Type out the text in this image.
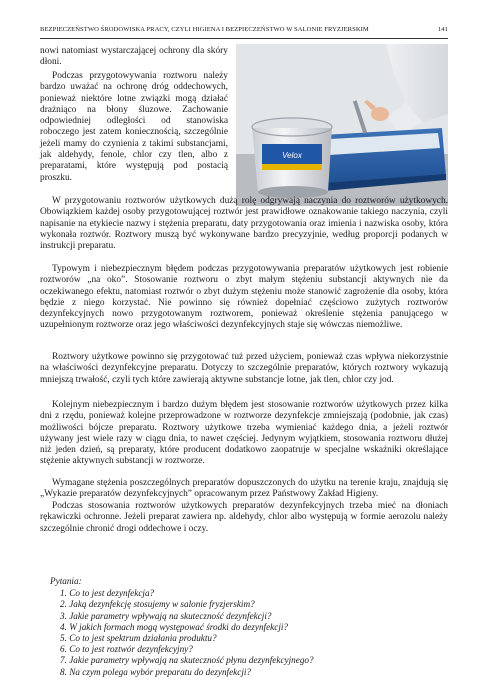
BEZPIECZEŃSTWO ŚRODOWISKA PRACY, CZYLI HIGIENA I BEZPIECZEŃSTWO W SALONIE FRYZJERSKIM	141
Velox

nowi natomiast wystarczającej ochrony dla skóry dłoni.

Podczas przygotowywania roztworu należy bardzo uważać na ochronę dróg oddechowych, ponieważ niektóre lotne związki mogą działać drażniąco na błony śluzowe. Zachowanie odpowiedniej odległości od stanowiska roboczego jest zatem koniecznością, szczególnie jeżeli mamy do czynienia z takimi substancjami, jak aldehydy, fenole, chlor czy tlen, albo z preparatami, które występują pod postacią proszku.

W przygotowaniu roztworów użytkowych dużą rolę odgrywają naczynia do roztworów użytkowych. Obowiązkiem każdej osoby przygotowującej roztwór jest prawidłowe oznakowanie takiego naczynia, czyli napisanie na etykiecie nazwy i stężenia preparatu, daty przygotowania oraz imienia i nazwiska osoby, która wykonała roztwór. Roztwory muszą być wykonywane bardzo precyzyjnie, według proporcji podanych w instrukcji preparatu.

Typowym i niebezpiecznym błędem podczas przygotowywania preparatów użytkowych jest robienie roztworów „na oko”. Stosowanie roztworu o zbyt małym stężeniu substancji aktywnych nie da oczekiwanego efektu, natomiast roztwór o zbyt dużym stężeniu może stanowić zagrożenie dla osoby, która będzie z niego korzystać. Nie powinno się również dopełniać częściowo zużytych roztworów dezynfekcyjnych nowo przygotowanym roztworem, ponieważ określenie stężenia panującego w uzupełnionym roztworze oraz jego właściwości dezynfekcyjnych staje się wówczas niemożliwe.

Roztwory użytkowe powinno się przygotować tuż przed użyciem, ponieważ czas wpływa niekorzystnie na właściwości dezynfekcyjne preparatu. Dotyczy to szczególnie preparatów, których roztwory wykazują mniejszą trwałość, czyli tych które zawierają aktywne substancje lotne, jak tlen, chlor czy jod.

Kolejnym niebezpiecznym i bardzo dużym błędem jest stosowanie roztworów użytkowych przez kilka dni z rzędu, ponieważ kolejne przeprowadzone w roztworze dezynfekcje zmniejszają (podobnie, jak czas) możliwości bójcze preparatu. Roztwory użytkowe trzeba wymieniać każdego dnia, a jeżeli roztwór używany jest wiele razy w ciągu dnia, to nawet częściej. Jedynym wyjątkiem, stosowania roztworu dłużej niż jeden dzień, są preparaty, które producent dodatkowo zaopatruje w specjalne wskaźniki określające stężenie aktywnych substancji w roztworze.

Wymagane stężenia poszczególnych preparatów dopuszczonych do użytku na terenie kraju, znajdują się „Wykazie preparatów dezynfekcyjnych” opracowanym przez Państwowy Zakład Higieny.

Podczas stosowania roztworów użytkowych preparatów dezynfekcyjnych trzeba mieć na dłoniach rękawiczki ochronne. Jeżeli preparat zawiera np. aldehydy, chlor albo występują w formie aerozolu należy szczególnie chronić drogi oddechowe i oczy.

Pytania:

1. Co to jest dezynfekcja?
2. Jaką dezynfekcję stosujemy w salonie fryzjerskim?
3. Jakie parametry wpływają na skuteczność dezynfekcji?
4. W jakich formach mogą występować środki do dezynfekcji?
5. Co to jest spektrum działania produktu?
6. Co to jest roztwór dezynfekcyjny?
7. Jakie parametry wpływają na skuteczność płynu dezynfekcyjnego?
8. Na czym polega wybór preparatu do dezynfekcji?
